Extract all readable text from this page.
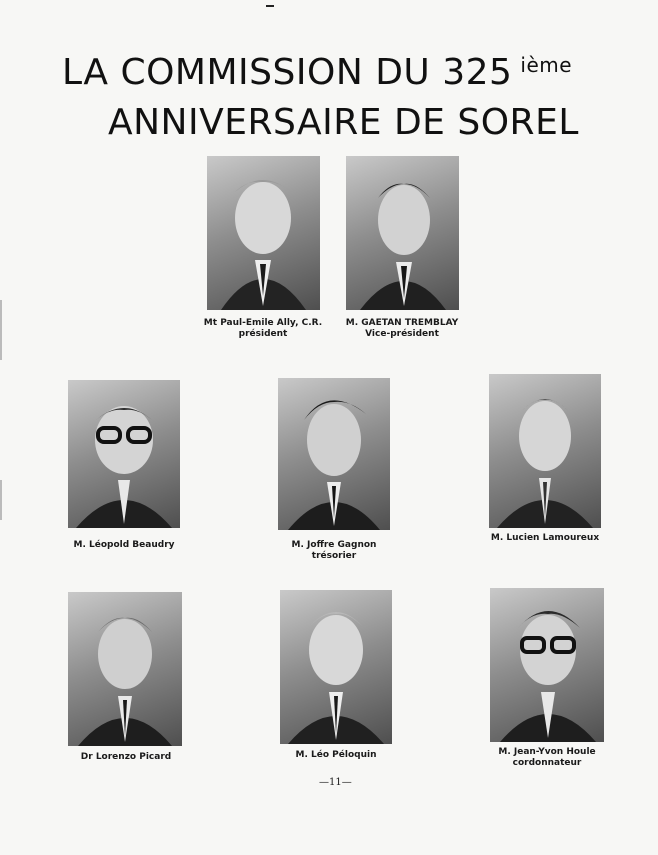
LA COMMISSION DU 325 $^{ième}$
ANNIVERSAIRE DE SOREL
Mt Paul-Emile Ally, C.R.
président
M. GAETAN TREMBLAY
Vice-président
M. Léopold Beaudry	M. Joffre Gagnon
trésorier
M. Lucien Lamoureux
Dr Lorenzo Picard	M. Léo Péloquin	M. Jean-Yvon Houle
cordonnateur
—11—
